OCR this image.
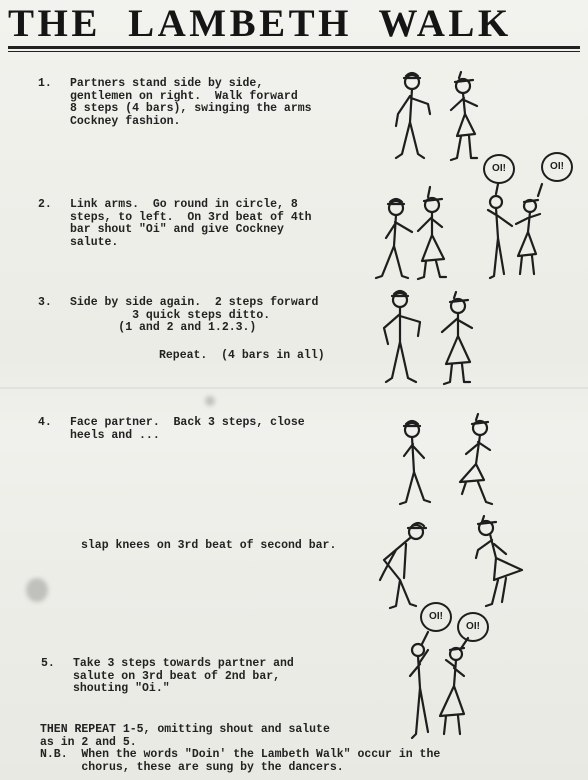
THE LAMBETH WALK
1. Partners stand side by side,
gentlemen on right.  Walk forward
8 steps (4 bars), swinging the arms
Cockney fashion.
2. Link arms.  Go round in circle, 8
steps, to left.  On 3rd beat of 4th
bar shout "Oi" and give Cockney
salute.
3. Side by side again.  2 steps forward
3 quick steps ditto.
(1 and 2 and 1.2.3.)
Repeat.  (4 bars in all)
4. Face partner.  Back 3 steps, close
heels and ...
slap knees on 3rd beat of second bar.
5. Take 3 steps towards partner and
salute on 3rd beat of 2nd bar,
shouting "Oi."
THEN REPEAT 1-5, omitting shout and salute
as in 2 and 5.
N.B.  When the words "Doin' the Lambeth Walk" occur in the
chorus, these are sung by the dancers.
OI!	OI!
OI!
OI!
